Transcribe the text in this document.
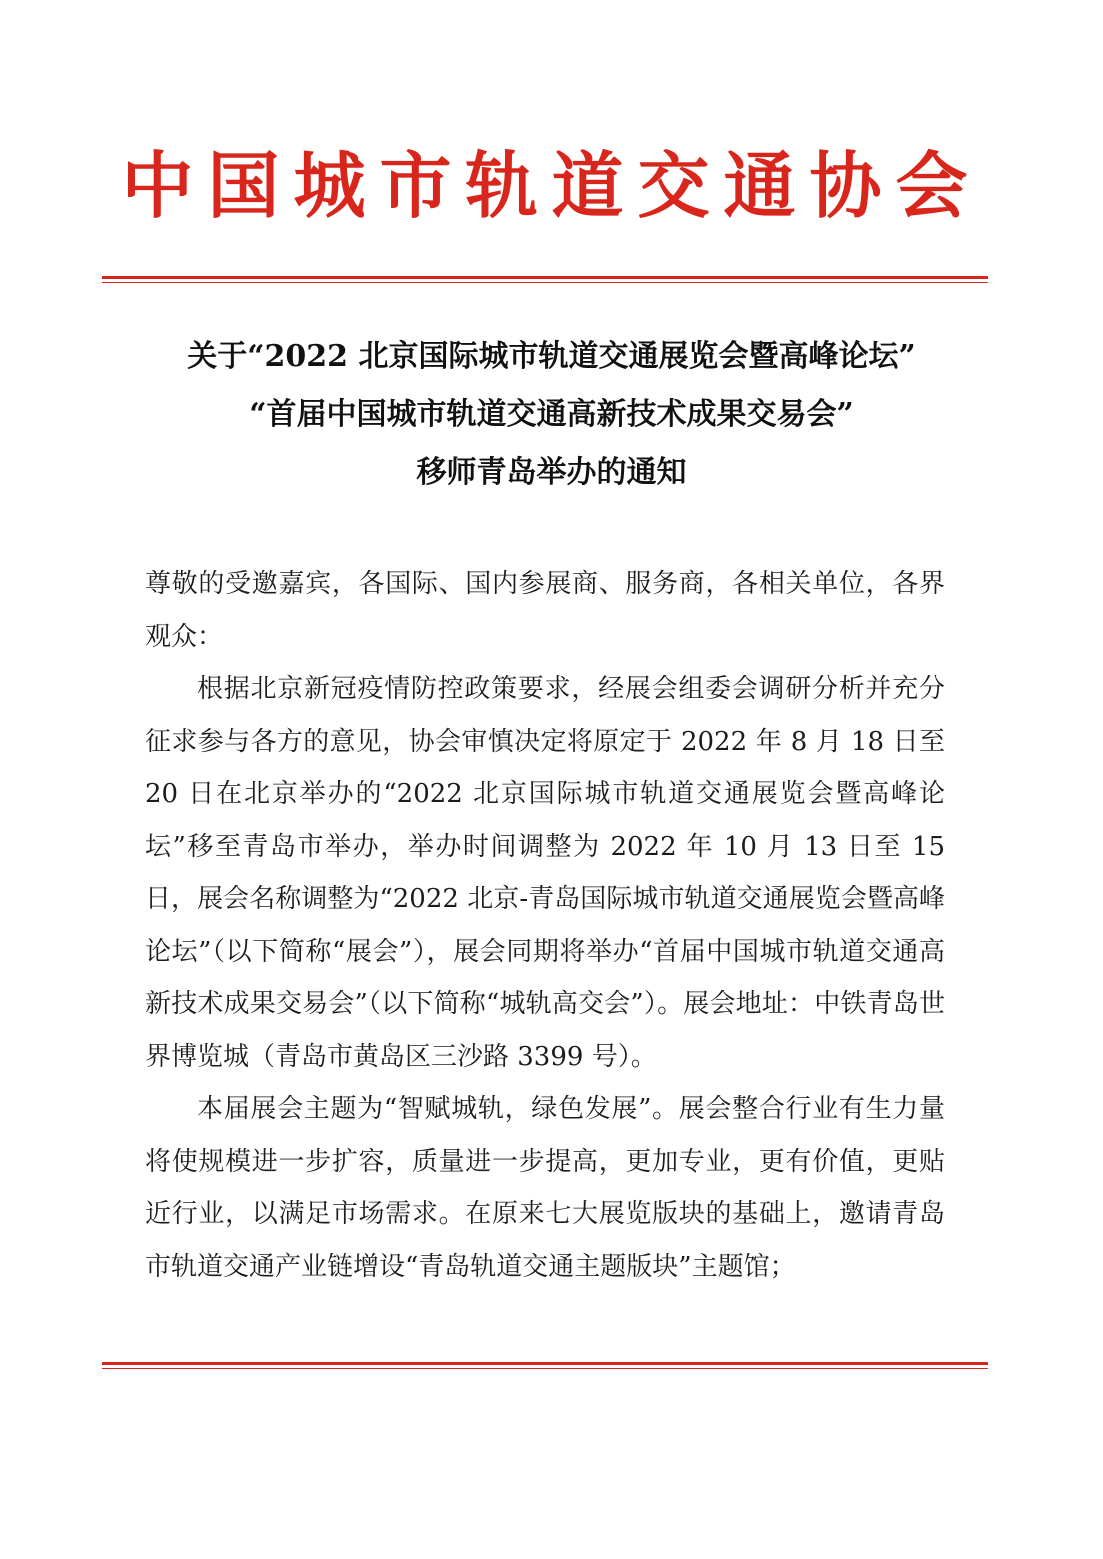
中国城市轨道交通协会
关于“2022 北京国际城市轨道交通展览会暨高峰论坛”
“首届中国城市轨道交通高新技术成果交易会”
移师青岛举办的通知

尊敬的受邀嘉宾，各国际、国内参展商、服务商，各相关单位，各界观众：

根据北京新冠疫情防控政策要求，经展会组委会调研分析并充分征求参与各方的意见，协会审慎决定将原定于 2022 年 8 月 18 日至 20 日在北京举办的“2022 北京国际城市轨道交通展览会暨高峰论坛”移至青岛市举办，举办时间调整为 2022 年 10 月 13 日至 15 日，展会名称调整为“2022 北京-青岛国际城市轨道交通展览会暨高峰论坛”（以下简称“展会”），展会同期将举办“首届中国城市轨道交通高新技术成果交易会”（以下简称“城轨高交会”）。展会地址：中铁青岛世界博览城（青岛市黄岛区三沙路 3399 号）。

本届展会主题为“智赋城轨，绿色发展”。展会整合行业有生力量将使规模进一步扩容，质量进一步提高，更加专业，更有价值，更贴近行业，以满足市场需求。在原来七大展览版块的基础上，邀请青岛市轨道交通产业链增设“青岛轨道交通主题版块”主题馆；
